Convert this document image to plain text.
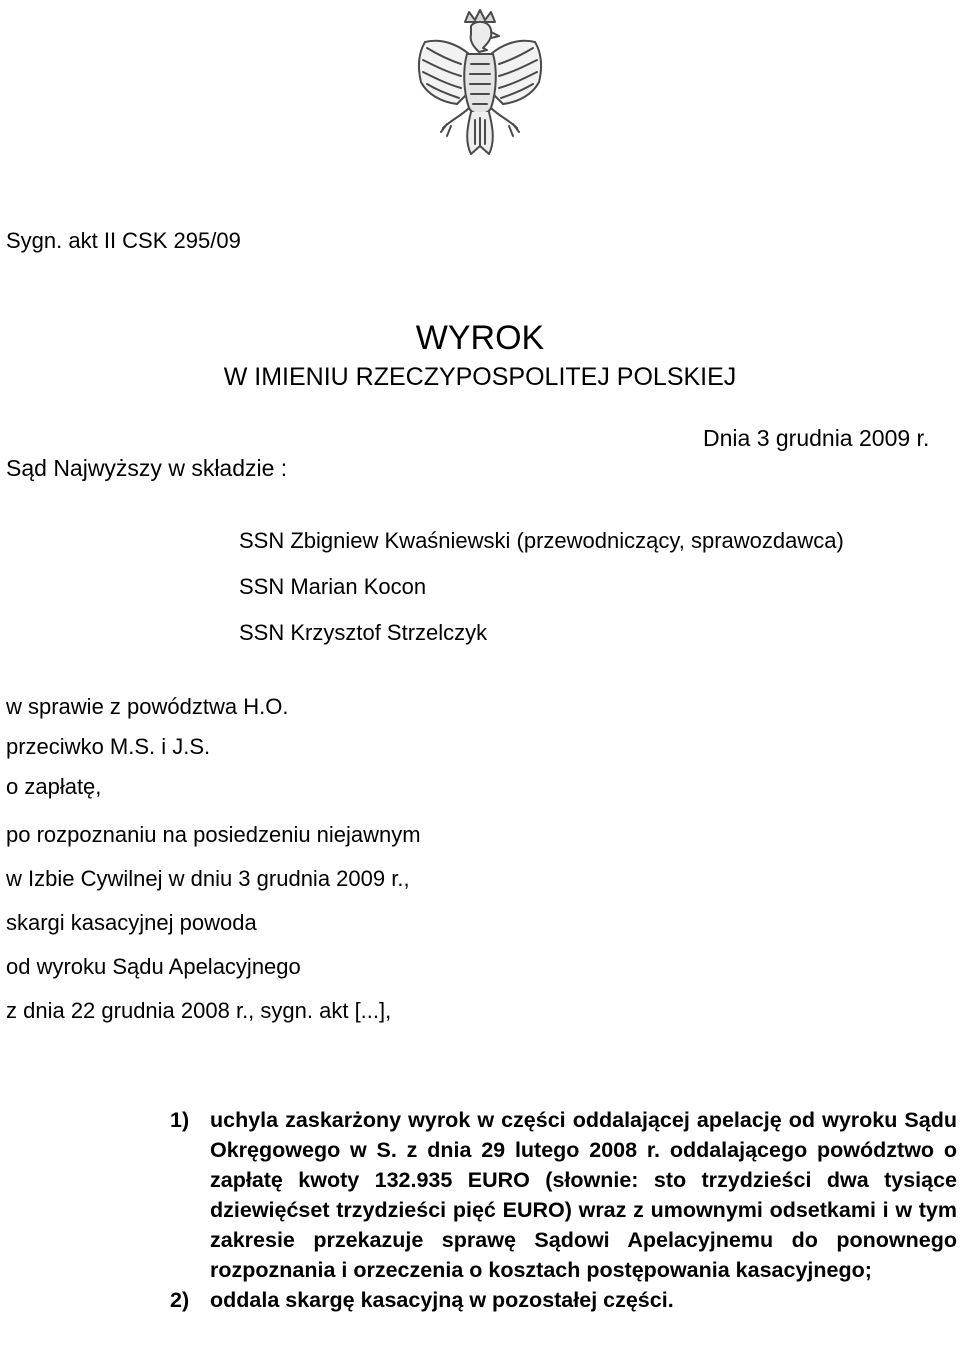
Sygn. akt II CSK 295/09
WYROK
W IMIENIU RZECZYPOSPOLITEJ POLSKIEJ
Dnia 3 grudnia 2009 r.
Sąd Najwyższy w składzie :
SSN Zbigniew Kwaśniewski (przewodniczący, sprawozdawca)
SSN Marian Kocon
SSN Krzysztof Strzelczyk
w sprawie z powództwa H.O.
przeciwko M.S. i J.S.
o zapłatę,
po rozpoznaniu na posiedzeniu niejawnym
w Izbie Cywilnej w dniu 3 grudnia 2009 r.,
skargi kasacyjnej powoda
od wyroku Sądu Apelacyjnego
z dnia 22 grudnia 2008 r., sygn. akt [...],
1) uchyla zaskarżony wyrok w części oddalającej apelację od wyroku Sądu Okręgowego w S. z dnia 29 lutego 2008 r. oddalającego powództwo o zapłatę kwoty 132.935 EURO (słownie: sto trzydzieści dwa tysiące dziewięćset trzydzieści pięć EURO) wraz z umownymi odsetkami i w tym zakresie przekazuje sprawę Sądowi Apelacyjnemu do ponownego rozpoznania i orzeczenia o kosztach postępowania kasacyjnego;
2) oddala skargę kasacyjną w pozostałej części.
